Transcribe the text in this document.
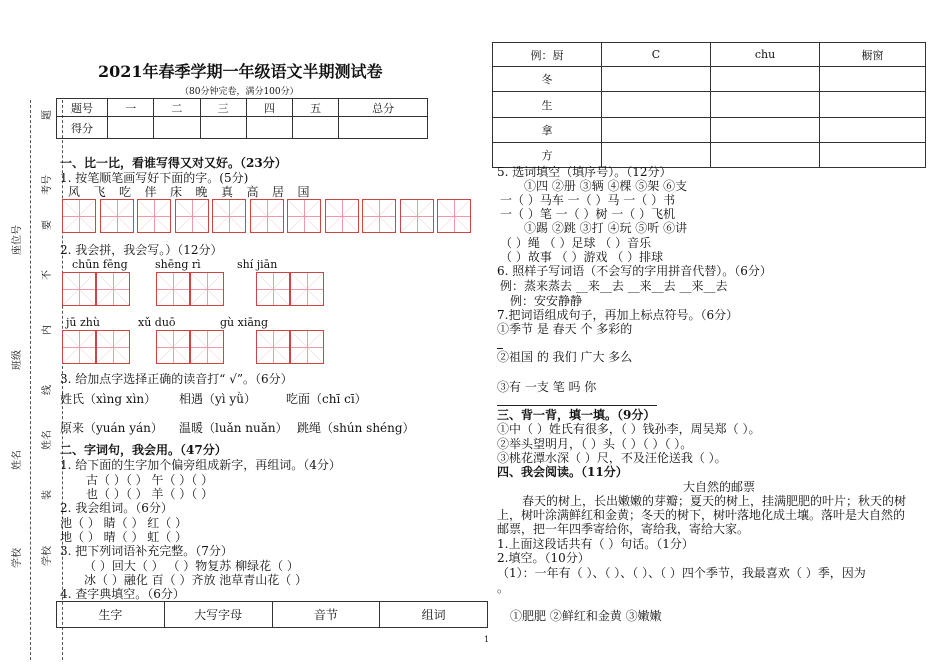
学校
姓名
班级
座位号
考号
学校
姓名
线
内
不
要
题
装
2021年春季学期一年级语文半期测试卷
（80分钟完卷，满分100分）
题号	一	二	三	四	五	总分
得分						
一、比一比，看谁写得又对又好。（23分）
1. 按笔顺笔画写好下面的字。(5分)
风 飞 吃 伴 床 晚 真 高 居 国
2. 我会拼，我会写。）（12分）
chūn fēng shēng rì	shí jiān
jū zhù	xǔ duō	gù xiāng
3. 给加点字选择正确的读音打“ √”。（6分）
姓氏（xìng xìn） 相遇（yì yǜ）	吃面（chī cī）
原来（yuán yán） 温暖（luǎn nuǎn） 跳绳（shún shéng）
二、字词句，我会用。（47分）
1. 给下面的生字加个偏旁组成新字，再组词。（4分）
古（ ）（ ） 午（ ）（ ）
也（ ）（ ） 羊（ ）（ ）
2. 我会组词。（6分）
池（ ） 睛（ ） 红（ ）
地（ ） 晴（ ） 虹（ ）
3. 把下列词语补充完整。（7分）
（ ）回大（ ） （ ）物复苏 柳绿花（ ）
冰（ ）融化 百（ ）齐放 池草青山花（ ）
4. 查字典填空。（6分）
生字	大写字母	音节	组词
例：厨	C	chu	橱窗
冬			
生			
拿			
方			
5. 选词填空（填序号）。（12分）
①四 ②册 ③辆 ④棵 ⑤架 ⑥支
一（ ）马车 一（ ）马 一（ ）书
一（ ）笔 一（ ）树 一（ ）飞机
①踢 ②跳 ③打 ④玩 ⑤听 ⑥讲
（ ）绳 （ ）足球 （ ）音乐
（ ）故事 （ ）游戏 （ ）排球
6. 照样子写词语（不会写的字用拼音代替）。（6分）
例：蒸来蒸去 __来__去 __来__去 __来__去
例：安安静静
7.把词语组成句子，再加上标点符号。（6分）
①季节 是 春天 个 多彩的
②祖国 的 我们 广大 多么
③有 一支 笔 吗 你
三、背一背，填一填。（9分）
①中（ ）姓氏有很多，（ ）钱孙李，周吴郑（ ）。
②举头望明月，（ ）头（ ）（ ）（ ）。
③桃花潭水深（ ）尺，不及汪伦送我（ ）。
四、我会阅读。（11分）
大自然的邮票
春天的树上，长出嫩嫩的芽瓣；夏天的树上，挂满肥肥的叶片；秋天的树
上，树叶涂满鲜红和金黄；冬天的树下，树叶落地化成土壤。落叶是大自然的
邮票，把一年四季寄给你，寄给我，寄给大家。
1.上面这段话共有（ ）句话。（1分）
2.填空。（10分）
（1）：一年有（ ）、（ ）、（ ）、（ ）四个季节，我最喜欢（ ）季，因为
。
①肥肥 ②鲜红和金黄 ③嫩嫩
1
